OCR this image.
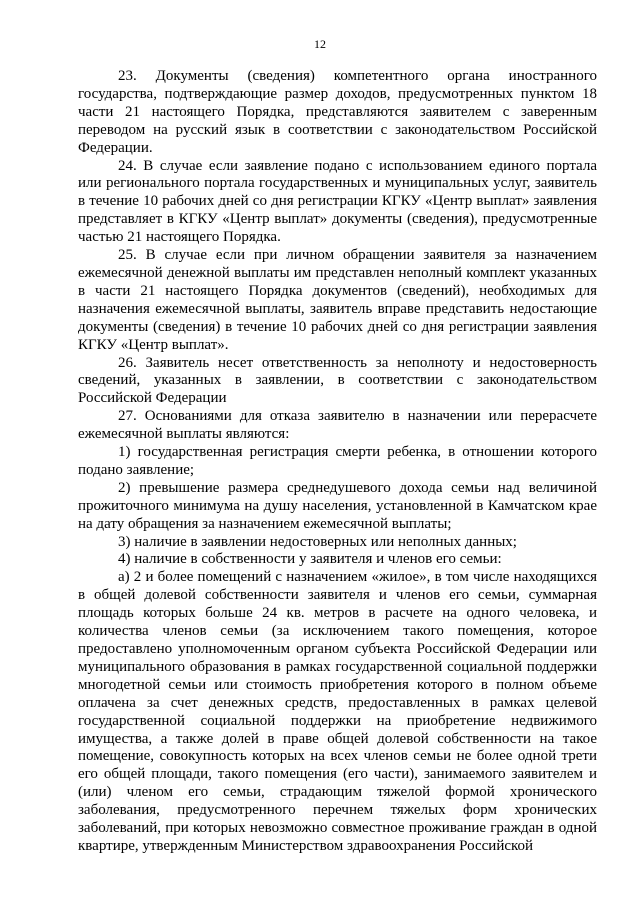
12

23. Документы (сведения) компетентного органа иностранного государства, подтверждающие размер доходов, предусмотренных пунктом 18 части 21 настоящего Порядка, представляются заявителем с заверенным переводом на русский язык в соответствии с законодательством Российской Федерации.

24. В случае если заявление подано с использованием единого портала или регионального портала государственных и муниципальных услуг, заявитель в течение 10 рабочих дней со дня регистрации КГКУ «Центр выплат» заявления представляет в КГКУ «Центр выплат» документы (сведения), предусмотренные частью 21 настоящего Порядка.

25. В случае если при личном обращении заявителя за назначением ежемесячной денежной выплаты им представлен неполный комплект указанных в части 21 настоящего Порядка документов (сведений), необходимых для назначения ежемесячной выплаты, заявитель вправе представить недостающие документы (сведения) в течение 10 рабочих дней со дня регистрации заявления КГКУ «Центр выплат».

26. Заявитель несет ответственность за неполноту и недостоверность сведений, указанных в заявлении, в соответствии с законодательством Российской Федерации

27. Основаниями для отказа заявителю в назначении или перерасчете ежемесячной выплаты являются:

1) государственная регистрация смерти ребенка, в отношении которого подано заявление;

2) превышение размера среднедушевого дохода семьи над величиной прожиточного минимума на душу населения, установленной в Камчатском крае на дату обращения за назначением ежемесячной выплаты;

3) наличие в заявлении недостоверных или неполных данных;

4) наличие в собственности у заявителя и членов его семьи:

а) 2 и более помещений с назначением «жилое», в том числе находящихся в общей долевой собственности заявителя и членов его семьи, суммарная площадь которых больше 24 кв. метров в расчете на одного человека, и количества членов семьи (за исключением такого помещения, которое предоставлено уполномоченным органом субъекта Российской Федерации или муниципального образования в рамках государственной социальной поддержки многодетной семьи или стоимость приобретения которого в полном объеме оплачена за счет денежных средств, предоставленных в рамках целевой государственной социальной поддержки на приобретение недвижимого имущества, а также долей в праве общей долевой собственности на такое помещение, совокупность которых на всех членов семьи не более одной трети его общей площади, такого помещения (его части), занимаемого заявителем и (или) членом его семьи, страдающим тяжелой формой хронического заболевания, предусмотренного перечнем тяжелых форм хронических заболеваний, при которых невозможно совместное проживание граждан в одной квартире, утвержденным Министерством здравоохранения Российской
